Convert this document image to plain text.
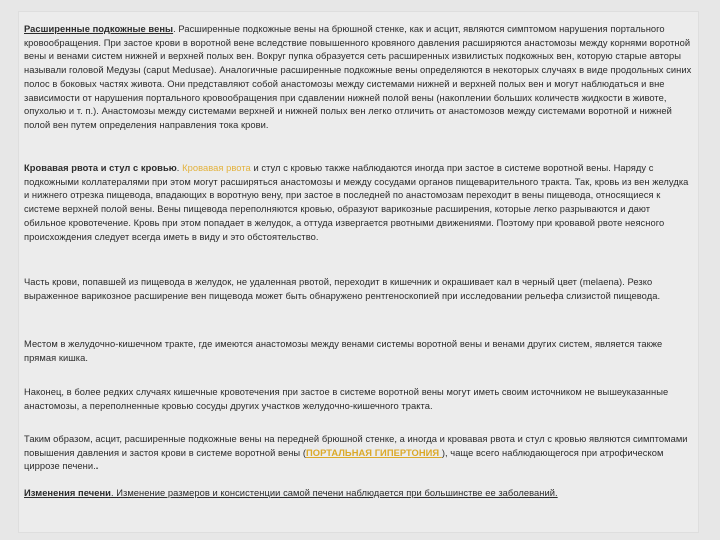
Расширенные подкожные вены. Расширенные подкожные вены на брюшной стенке, как и асцит, являются симптомом нарушения портального кровообращения. При застое крови в воротной вене вследствие повышенного кровяного давления расширяются анастомозы между корнями воротной вены и венами систем нижней и верхней полых вен. Вокруг пупка образуется сеть расширенных извилистых подкожных вен, которую старые авторы называли головой Медузы (caput Medusae). Аналогичные расширенные подкожные вены определяются в некоторых случаях в виде продольных синих полос в боковых частях живота. Они представляют собой анастомозы между системами нижней и верхней полых вен и могут наблюдаться и вне зависимости от нарушения портального кровообращения при сдавлении нижней полой вены (накоплении больших количеств жидкости в животе, опухолью и т. п.). Анастомозы между системами верхней и нижней полых вен легко отличить от анастомозов между системами воротной и нижней полой вен путем определения направления тока крови.

Кровавая рвота и стул с кровью. Кровавая рвота и стул с кровью также наблюдаются иногда при застое в системе воротной вены. Наряду с подкожными коллатералями при этом могут расширяться анастомозы и между сосудами органов пищеварительного тракта. Так, кровь из вен желудка и нижнего отрезка пищевода, впадающих в воротную вену, при застое в последней по анастомозам переходит в вены пищевода, относящиеся к системе верхней полой вены. Вены пищевода переполняются кровью, образуют варикозные расширения, которые легко разрываются и дают обильное кровотечение. Кровь при этом попадает в желудок, а оттуда извергается рвотными движениями. Поэтому при кровавой рвоте неясного происхождения следует всегда иметь в виду и это обстоятельство.

Часть крови, попавшей из пищевода в желудок, не удаленная рвотой, переходит в кишечник и окрашивает кал в черный цвет (melaena). Резко выраженное варикозное расширение вен пищевода может быть обнаружено рентгеноскопией при исследовании рельефа слизистой пищевода.

Местом в желудочно-кишечном тракте, где имеются анастомозы между венами системы воротной вены и венами других систем, является также прямая кишка.

Наконец, в более редких случаях кишечные кровотечения при застое в системе воротной вены могут иметь своим источником не вышеуказанные анастомозы, а переполненные кровью сосуды других участков желудочно-кишечного тракта.

Таким образом, асцит, расширенные подкожные вены на передней брюшной стенке, а иногда и кровавая рвота и стул с кровью являются симптомами повышения давления и застоя крови в системе воротной вены (ПОРТАЛЬНАЯ ГИПЕРТОНИЯ ), чаще всего наблюдающегося при атрофическом циррозе печени..

Изменения печени. Изменение размеров и консистенции самой печени наблюдается при большинстве ее заболеваний.
